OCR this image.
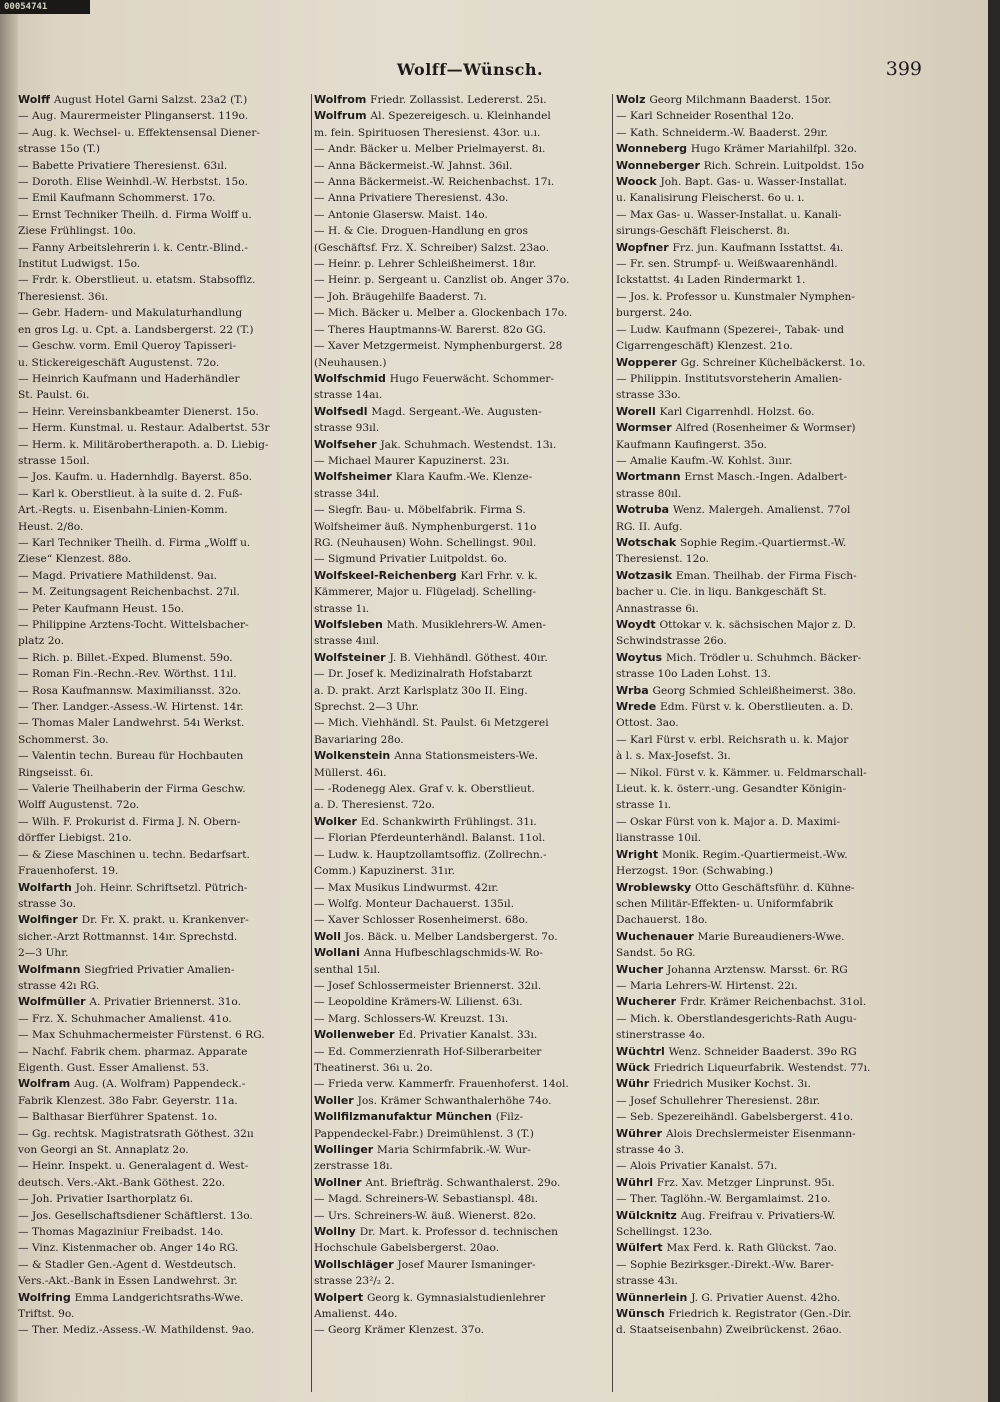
00054741
Wolff—Wünsch.	399

Wolff August Hotel Garni Salzst. 23a2 (T.)

— Aug. Maurermeister Plinganserst. 119o.

— Aug. k. Wechsel- u. Effektensensal Diener-

strasse 15o (T.)

— Babette Privatiere Theresienst. 63ıl.

— Doroth. Elise Weinhdl.-W. Herbstst. 15o.

— Emil Kaufmann Schommerst. 17o.

— Ernst Techniker Theilh. d. Firma Wolff u.

Ziese Frühlingst. 10o.

— Fanny Arbeitslehrerin i. k. Centr.-Blind.-

Institut Ludwigst. 15o.

— Frdr. k. Oberstlieut. u. etatsm. Stabsoffiz.

Theresienst. 36ı.

— Gebr. Hadern- und Makulaturhandlung

en gros Lg. u. Cpt. a. Landsbergerst. 22 (T.)

— Geschw. vorm. Emil Queroy Tapisseri-

u. Stickereigeschäft Augustenst. 72o.

— Heinrich Kaufmann und Haderhändler

St. Paulst. 6ı.

— Heinr. Vereinsbankbeamter Dienerst. 15o.

— Herm. Kunstmal. u. Restaur. Adalbertst. 53r

— Herm. k. Militärobertherapoth. a. D. Liebig-

strasse 15oıl.

— Jos. Kaufm. u. Hadernhdlg. Bayerst. 85o.

— Karl k. Oberstlieut. à la suite d. 2. Fuß-

Art.-Regts. u. Eisenbahn-Linien-Komm.

Heust. 2/8o.

— Karl Techniker Theilh. d. Firma „Wolff u.

Ziese“ Klenzest. 88o.

— Magd. Privatiere Mathildenst. 9aı.

— M. Zeitungsagent Reichenbachst. 27ıl.

— Peter Kaufmann Heust. 15o.

— Philippine Arztens-Tocht. Wittelsbacher-

platz 2o.

— Rich. p. Billet.-Exped. Blumenst. 59o.

— Roman Fin.-Rechn.-Rev. Wörthst. 11ıl.

— Rosa Kaufmannsw. Maximiliansst. 32o.

— Ther. Landger.-Assess.-W. Hirtenst. 14r.

— Thomas Maler Landwehrst. 54ı Werkst.

Schommerst. 3o.

— Valentin techn. Bureau für Hochbauten

Ringseisst. 6ı.

— Valerie Theilhaberin der Firma Geschw.

Wolff Augustenst. 72o.

— Wilh. F. Prokurist d. Firma J. N. Obern-

dörffer Liebigst. 21o.

— & Ziese Maschinen u. techn. Bedarfsart.

Frauenhoferst. 19.

Wolfarth Joh. Heinr. Schriftsetzl. Pütrich-

strasse 3o.

Wolfinger Dr. Fr. X. prakt. u. Krankenver-

sicher.-Arzt Rottmannst. 14ır. Sprechstd.

2—3 Uhr.

Wolfmann Siegfried Privatier Amalien-

strasse 42ı RG.

Wolfmüller A. Privatier Briennerst. 31o.

— Frz. X. Schuhmacher Amalienst. 41o.

— Max Schuhmachermeister Fürstenst. 6 RG.

— Nachf. Fabrik chem. pharmaz. Apparate

Eigenth. Gust. Esser Amalienst. 53.

Wolfram Aug. (A. Wolfram) Pappendeck.-

Fabrik Klenzest. 38o Fabr. Geyerstr. 11a.

— Balthasar Bierführer Spatenst. 1o.

— Gg. rechtsk. Magistratsrath Göthest. 32ıı

von Georgi an St. Annaplatz 2o.

— Heinr. Inspekt. u. Generalagent d. West-

deutsch. Vers.-Akt.-Bank Göthest. 22o.

— Joh. Privatier Isarthorplatz 6ı.

— Jos. Gesellschaftsdiener Schäftlerst. 13o.

— Thomas Magaziniur Freibadst. 14o.

— Vinz. Kistenmacher ob. Anger 14o RG.

— & Stadler Gen.-Agent d. Westdeutsch.

Vers.-Akt.-Bank in Essen Landwehrst. 3r.

Wolfring Emma Landgerichtsraths-Wwe.

Triftst. 9o.

— Ther. Mediz.-Assess.-W. Mathildenst. 9ao.

Wolfrom Friedr. Zollassist. Ledererst. 25ı.

Wolfrum Al. Spezereigesch. u. Kleinhandel

m. fein. Spirituosen Theresienst. 43or. u.ı.

— Andr. Bäcker u. Melber Prielmayerst. 8ı.

— Anna Bäckermeist.-W. Jahnst. 36ıl.

— Anna Bäckermeist.-W. Reichenbachst. 17ı.

— Anna Privatiere Theresienst. 43o.

— Antonie Glasersw. Maist. 14o.

— H. & Cie. Droguen-Handlung en gros

(Geschäftsf. Frz. X. Schreiber) Salzst. 23ao.

— Heinr. p. Lehrer Schleißheimerst. 18ır.

— Heinr. p. Sergeant u. Canzlist ob. Anger 37o.

— Joh. Bräugehilfe Baaderst. 7ı.

— Mich. Bäcker u. Melber a. Glockenbach 17o.

— Theres Hauptmanns-W. Barerst. 82o GG.

— Xaver Metzgermeist. Nymphenburgerst. 28

(Neuhausen.)

Wolfschmid Hugo Feuerwächt. Schommer-

strasse 14aı.

Wolfsedl Magd. Sergeant.-We. Augusten-

strasse 93ıl.

Wolfseher Jak. Schuhmach. Westendst. 13ı.

— Michael Maurer Kapuzinerst. 23ı.

Wolfsheimer Klara Kaufm.-We. Klenze-

strasse 34ıl.

— Siegfr. Bau- u. Möbelfabrik. Firma S.

Wolfsheimer äuß. Nymphenburgerst. 11o

RG. (Neuhausen) Wohn. Schellingst. 90ıl.

— Sigmund Privatier Luitpoldst. 6o.

Wolfskeel-Reichenberg Karl Frhr. v. k.

Kämmerer, Major u. Flügeladj. Schelling-

strasse 1ı.

Wolfsleben Math. Musiklehrers-W. Amen-

strasse 4ıııl.

Wolfsteiner J. B. Viehhändl. Göthest. 40ır.

— Dr. Josef k. Medizinalrath Hofstabarzt

a. D. prakt. Arzt Karlsplatz 30o II. Eing.

Sprechst. 2—3 Uhr.

— Mich. Viehhändl. St. Paulst. 6ı Metzgerei

Bavariaring 28o.

Wolkenstein Anna Stationsmeisters-We.

Müllerst. 46ı.

— -Rodenegg Alex. Graf v. k. Oberstlieut.

a. D. Theresienst. 72o.

Wolker Ed. Schankwirth Frühlingst. 31ı.

— Florian Pferdeunterhändl. Balanst. 11ol.

— Ludw. k. Hauptzollamtsoffiz. (Zollrechn.-

Comm.) Kapuzinerst. 31ır.

— Max Musikus Lindwurmst. 42ır.

— Wolfg. Monteur Dachauerst. 135ıl.

— Xaver Schlosser Rosenheimerst. 68o.

Woll Jos. Bäck. u. Melber Landsbergerst. 7o.

Wollani Anna Hufbeschlagschmids-W. Ro-

senthal 15ıl.

— Josef Schlossermeister Briennerst. 32ıl.

— Leopoldine Krämers-W. Lilienst. 63ı.

— Marg. Schlossers-W. Kreuzst. 13ı.

Wollenweber Ed. Privatier Kanalst. 33ı.

— Ed. Commerzienrath Hof-Silberarbeiter

Theatinerst. 36ı u. 2o.

— Frieda verw. Kammerfr. Frauenhoferst. 14ol.

Woller Jos. Krämer Schwanthalerhöhe 74o.

Wollfilzmanufaktur München (Filz-

Pappendeckel-Fabr.) Dreimühlenst. 3 (T.)

Wollinger Maria Schirmfabrik.-W. Wur-

zerstrasse 18ı.

Wollner Ant. Briefträg. Schwanthalerst. 29o.

— Magd. Schreiners-W. Sebastianspl. 48ı.

— Urs. Schreiners-W. äuß. Wienerst. 82o.

Wollny Dr. Mart. k. Professor d. technischen

Hochschule Gabelsbergerst. 20ao.

Wollschläger Josef Maurer Ismaninger-

strasse 23²/₂ 2.

Wolpert Georg k. Gymnasialstudienlehrer

Amalienst. 44o.

— Georg Krämer Klenzest. 37o.

Wolz Georg Milchmann Baaderst. 15or.

— Karl Schneider Rosenthal 12o.

— Kath. Schneiderm.-W. Baaderst. 29ır.

Wonneberg Hugo Krämer Mariahilfpl. 32o.

Wonneberger Rich. Schrein. Luitpoldst. 15o

Woock Joh. Bapt. Gas- u. Wasser-Installat.

u. Kanalisirung Fleischerst. 6o u. ı.

— Max Gas- u. Wasser-Installat. u. Kanali-

sirungs-Geschäft Fleischerst. 8ı.

Wopfner Frz. jun. Kaufmann Isstattst. 4ı.

— Fr. sen. Strumpf- u. Weißwaarenhändl.

Ickstattst. 4ı Laden Rindermarkt 1.

— Jos. k. Professor u. Kunstmaler Nymphen-

burgerst. 24o.

— Ludw. Kaufmann (Spezerei-, Tabak- und

Cigarrengeschäft) Klenzest. 21o.

Wopperer Gg. Schreiner Küchelbäckerst. 1o.

— Philippin. Institutsvorsteherin Amalien-

strasse 33o.

Worell Karl Cigarrenhdl. Holzst. 6o.

Wormser Alfred (Rosenheimer & Wormser)

Kaufmann Kaufingerst. 35o.

— Amalie Kaufm.-W. Kohlst. 3ııır.

Wortmann Ernst Masch.-Ingen. Adalbert-

strasse 80ıl.

Wotruba Wenz. Malergeh. Amalienst. 77ol

RG. II. Aufg.

Wotschak Sophie Regim.-Quartiermst.-W.

Theresienst. 12o.

Wotzasik Eman. Theilhab. der Firma Fisch-

bacher u. Cie. in liqu. Bankgeschäft St.

Annastrasse 6ı.

Woydt Ottokar v. k. sächsischen Major z. D.

Schwindstrasse 26o.

Woytus Mich. Trödler u. Schuhmch. Bäcker-

strasse 10o Laden Lohst. 13.

Wrba Georg Schmied Schleißheimerst. 38o.

Wrede Edm. Fürst v. k. Oberstlieuten. a. D.

Ottost. 3ao.

— Karl Fürst v. erbl. Reichsrath u. k. Major

à l. s. Max-Josefst. 3ı.

— Nikol. Fürst v. k. Kämmer. u. Feldmarschall-

Lieut. k. k. österr.-ung. Gesandter Königin-

strasse 1ı.

— Oskar Fürst von k. Major a. D. Maximi-

lianstrasse 10ıl.

Wright Monik. Regim.-Quartiermeist.-Ww.

Herzogst. 19or. (Schwabing.)

Wroblewsky Otto Geschäftsführ. d. Kühne-

schen Militär-Effekten- u. Uniformfabrik

Dachauerst. 18o.

Wuchenauer Marie Bureaudieners-Wwe.

Sandst. 5o RG.

Wucher Johanna Arztensw. Marsst. 6r. RG

— Maria Lehrers-W. Hirtenst. 22ı.

Wucherer Frdr. Krämer Reichenbachst. 31ol.

— Mich. k. Oberstlandesgerichts-Rath Augu-

stinerstrasse 4o.

Wüchtrl Wenz. Schneider Baaderst. 39o RG

Wück Friedrich Liqueurfabrik. Westendst. 77ı.

Wühr Friedrich Musiker Kochst. 3ı.

— Josef Schullehrer Theresienst. 28ır.

— Seb. Spezereihändl. Gabelsbergerst. 41o.

Wührer Alois Drechslermeister Eisenmann-

strasse 4o 3.

— Alois Privatier Kanalst. 57ı.

Wührl Frz. Xav. Metzger Linprunst. 95ı.

— Ther. Taglöhn.-W. Bergamlaimst. 21o.

Wülcknitz Aug. Freifrau v. Privatiers-W.

Schellingst. 123o.

Wülfert Max Ferd. k. Rath Glückst. 7ao.

— Sophie Bezirksger.-Direkt.-Ww. Barer-

strasse 43ı.

Wünnerlein J. G. Privatier Auenst. 42ho.

Wünsch Friedrich k. Registrator (Gen.-Dir.

d. Staatseisenbahn) Zweibrückenst. 26ao.
